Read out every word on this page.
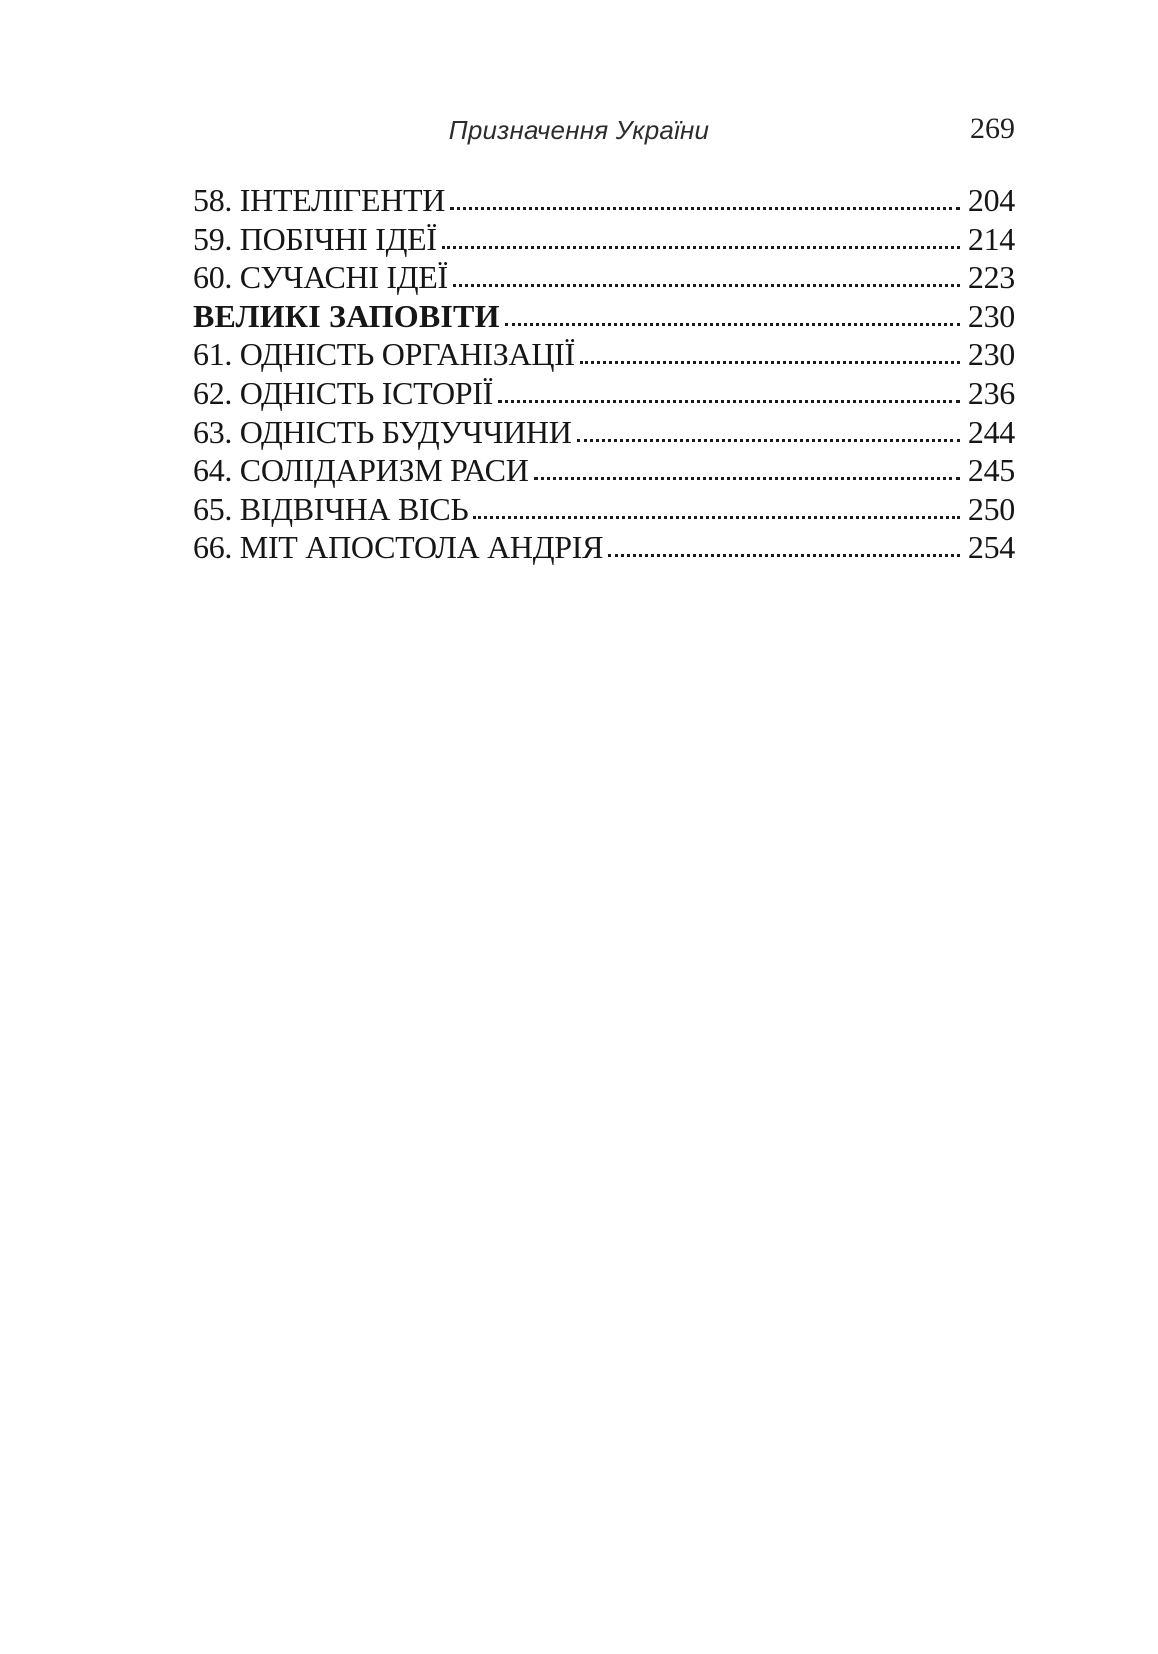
Призначення України	269
58. ІНТЕЛІГЕНТИ	204
59. ПОБІЧНІ ІДЕЇ	214
60. СУЧАСНІ ІДЕЇ	223
ВЕЛИКІ ЗАПОВІТИ	230
61. ОДНІСТЬ ОРГАНІЗАЦІЇ	230
62. ОДНІСТЬ ІСТОРІЇ	236
63. ОДНІСТЬ БУДУЧЧИНИ	244
64. СОЛІДАРИЗМ РАСИ	245
65. ВІДВІЧНА ВІСЬ	250
66. МІТ АПОСТОЛА АНДРІЯ	254
